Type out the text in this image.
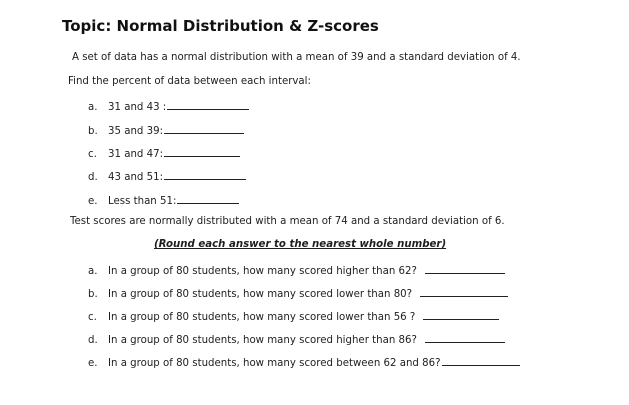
Topic: Normal Distribution & Z-scores
A set of data has a normal distribution with a mean of 39 and a standard deviation of 4.
Find the percent of data between each interval:
a. 31 and 43 :
b. 35 and 39:
c. 31 and 47:
d. 43 and 51:
e. Less than 51:
Test scores are normally distributed with a mean of 74 and a standard deviation of 6.
(Round each answer to the nearest whole number)
a. In a group of 80 students, how many scored higher than 62?
b. In a group of 80 students, how many scored lower than 80?
c. In a group of 80 students, how many scored lower than 56 ?
d. In a group of 80 students, how many scored higher than 86?
e. In a group of 80 students, how many scored between 62 and 86?
